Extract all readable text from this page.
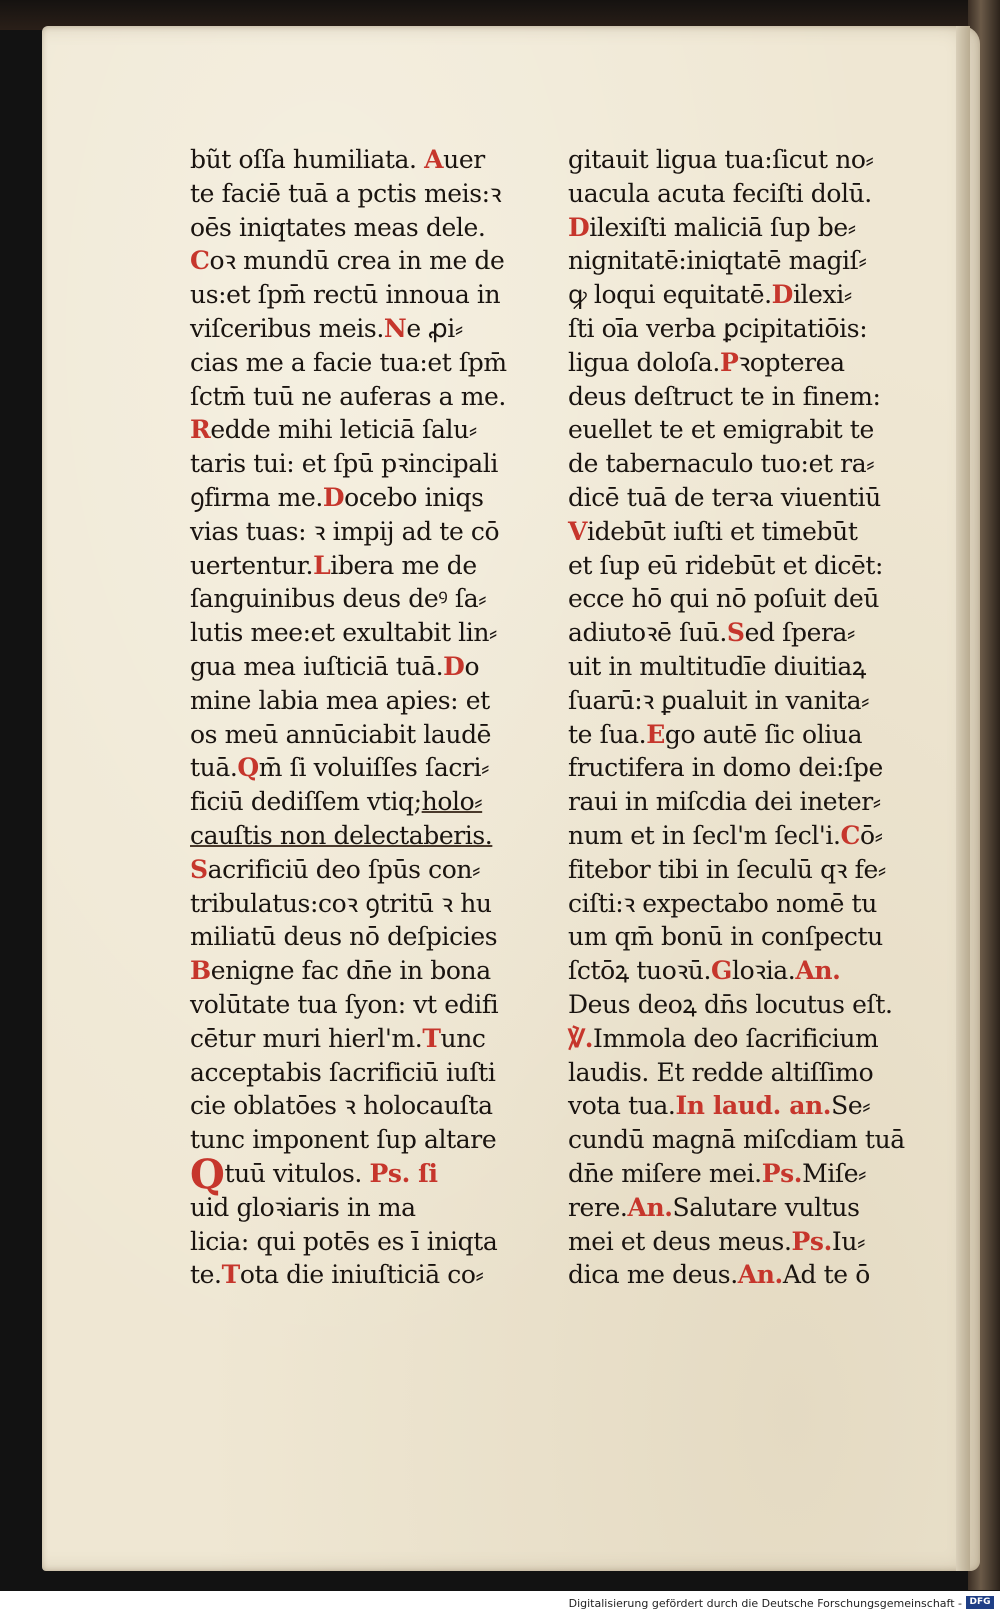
bũt oſſa humiliata. Auer
te faciē tuā a pctis meis:ꝛ
oēs iniqtates meas dele.
Coꝛ mundū crea in me de
us:et ſpm̄ rectū innoua in
viſceribus meis.Ne ꝓi⸗
cias me a facie tua:et ſpm̄
ſctm̄ tuū ne auferas a me.
Redde mihi leticiā ſalu⸗
taris tui: et ſpū pꝛincipali
ꝯfirma me.Docebo iniqs
vias tuas: ꝛ impij ad te cō
uertentur.Libera me de
ſanguinibus deus deꝰ ſa⸗
lutis mee:et exultabit lin⸗
gua mea iuſticiā tuā.Do
mine labia mea apies: et
os meū annūciabit laudē
tuā.Qm̄ ſi voluiſſes ſacri⸗
ficiū dediſſem vtiq;holo⸗
cauſtis non delectaberis.
Sacrificiū deo ſpūs con⸗
tribulatus:coꝛ ꝯtritū ꝛ hu
miliatū deus nō deſpicies
Benigne fac dn̄e in bona
volūtate tua ſyon: vt edifi
cētur muri hierl'm.Tunc
acceptabis ſacrificiū iuſti
cie oblatōes ꝛ holocauſta
tunc imponent ſup altare
Qtuū vitulos. Ps. ſi
uid gloꝛiaris in ma
licia: qui potēs es ī iniqta
te.Tota die iniuſticiā co⸗
gitauit ligua tua:ſicut no⸗
uacula acuta feciſti dolū.
Dilexiſti maliciā ſup be⸗
nignitatē:iniqtatē magiſ⸗
ꝙ loqui equitatē.Dilexi⸗
ſti oīa verba ꝑcipitatiōis:
ligua doloſa.Pꝛopterea
deus deſtruct te in finem:
euellet te et emigrabit te
de tabernaculo tuo:et ra⸗
dicē tuā de terꝛa viuentiū
Videbūt iuſti et timebūt
et ſup eū ridebūt et dicēt:
ecce hō qui nō poſuit deū
adiutoꝛē ſuū.Sed ſpera⸗
uit in multitudīe diuitiaꝝ
ſuarū:ꝛ ꝑualuit in vanita⸗
te ſua.Ego autē ſic oliua
fructifera in domo dei:ſpe
raui in miſcdia dei ineter⸗
num et in ſecl'm ſecl'i.Cō⸗
fitebor tibi in ſeculū qꝛ fe⸗
ciſti:ꝛ expectabo nomē tu
um qm̄ bonū in conſpectu
ſctōꝝ tuoꝛū.Gloꝛia.An.
Deus deoꝝ dn̄s locutus eſt.
℣.Immola deo ſacrificium
laudis. Et redde altiſſimo
vota tua.In laud. an.Se⸗
cundū magnā miſcdiam tuā
dn̄e miſere mei.Ps.Miſe⸗
rere.An.Salutare vultus
mei et deus meus.Ps.Iu⸗
dica me deus.An.Ad te ō
Digitalisierung gefördert durch die Deutsche Forschungsgemeinschaft - DFG
